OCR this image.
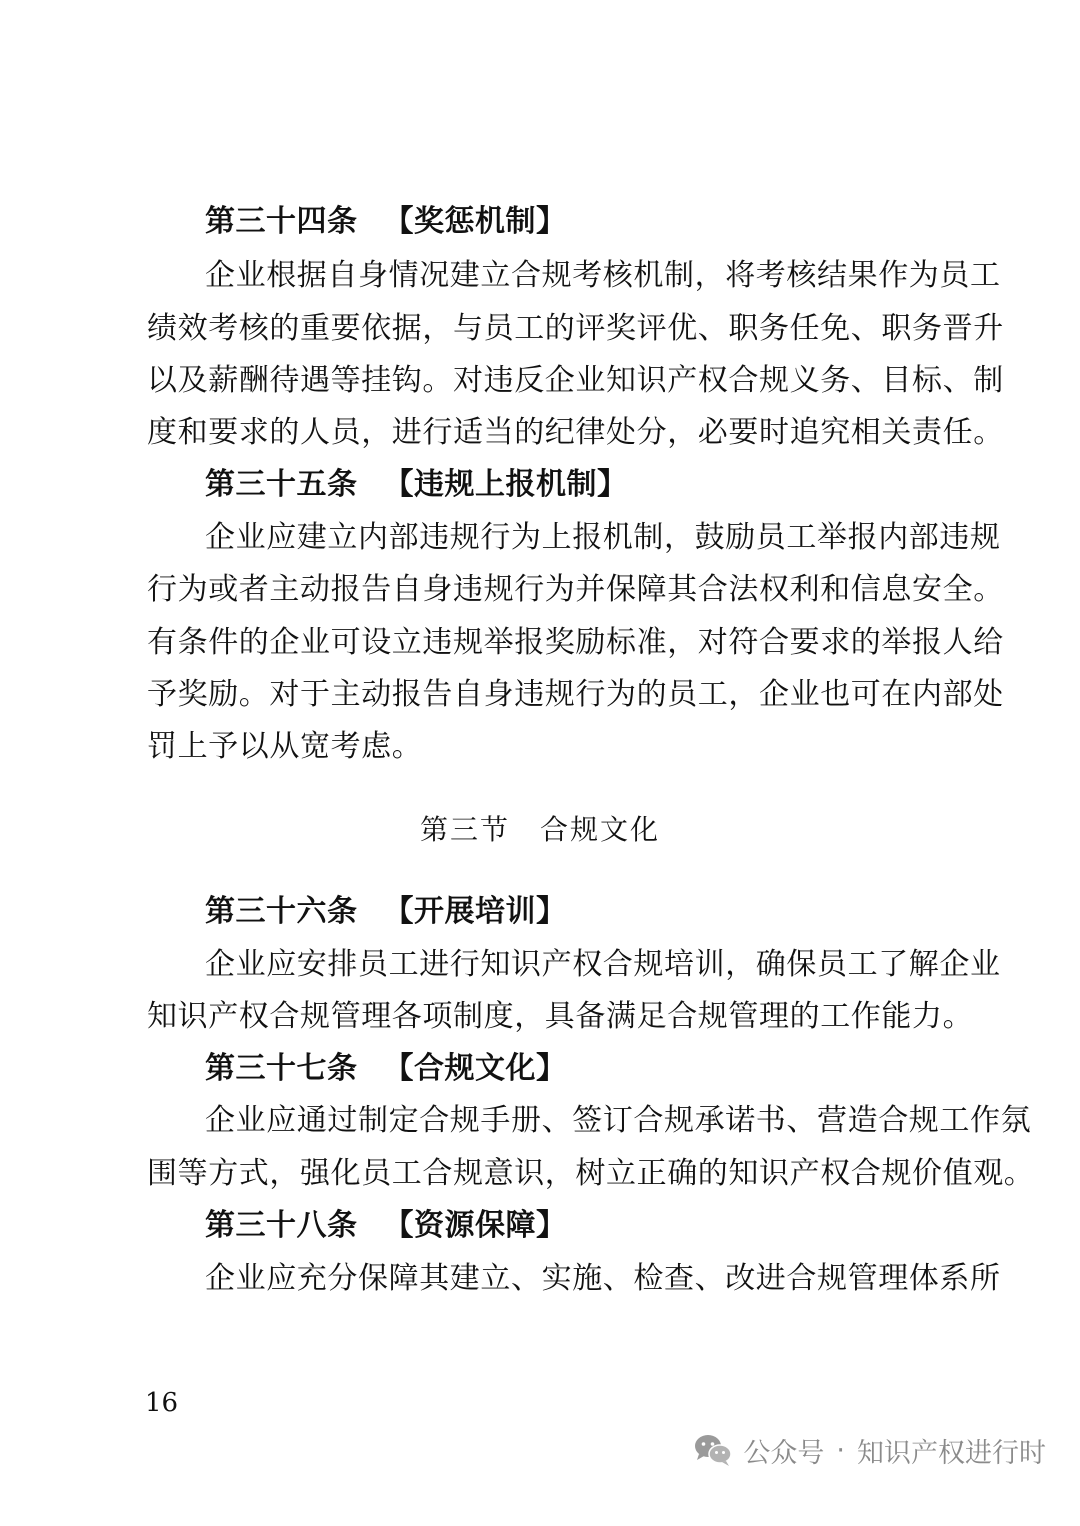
第三十四条 【奖惩机制】
企业根据自身情况建立合规考核机制，将考核结果作为员工
绩效考核的重要依据，与员工的评奖评优、职务任免、职务晋升
以及薪酬待遇等挂钩。对违反企业知识产权合规义务、目标、制
度和要求的人员，进行适当的纪律处分，必要时追究相关责任。
第三十五条 【违规上报机制】
企业应建立内部违规行为上报机制，鼓励员工举报内部违规
行为或者主动报告自身违规行为并保障其合法权利和信息安全。
有条件的企业可设立违规举报奖励标准，对符合要求的举报人给
予奖励。对于主动报告自身违规行为的员工，企业也可在内部处
罚上予以从宽考虑。
第三节 合规文化
第三十六条 【开展培训】
企业应安排员工进行知识产权合规培训，确保员工了解企业
知识产权合规管理各项制度，具备满足合规管理的工作能力。
第三十七条 【合规文化】
企业应通过制定合规手册、签订合规承诺书、营造合规工作氛
围等方式，强化员工合规意识，树立正确的知识产权合规价值观。
第三十八条 【资源保障】
企业应充分保障其建立、实施、检查、改进合规管理体系所
16
公众号 · 知识产权进行时
